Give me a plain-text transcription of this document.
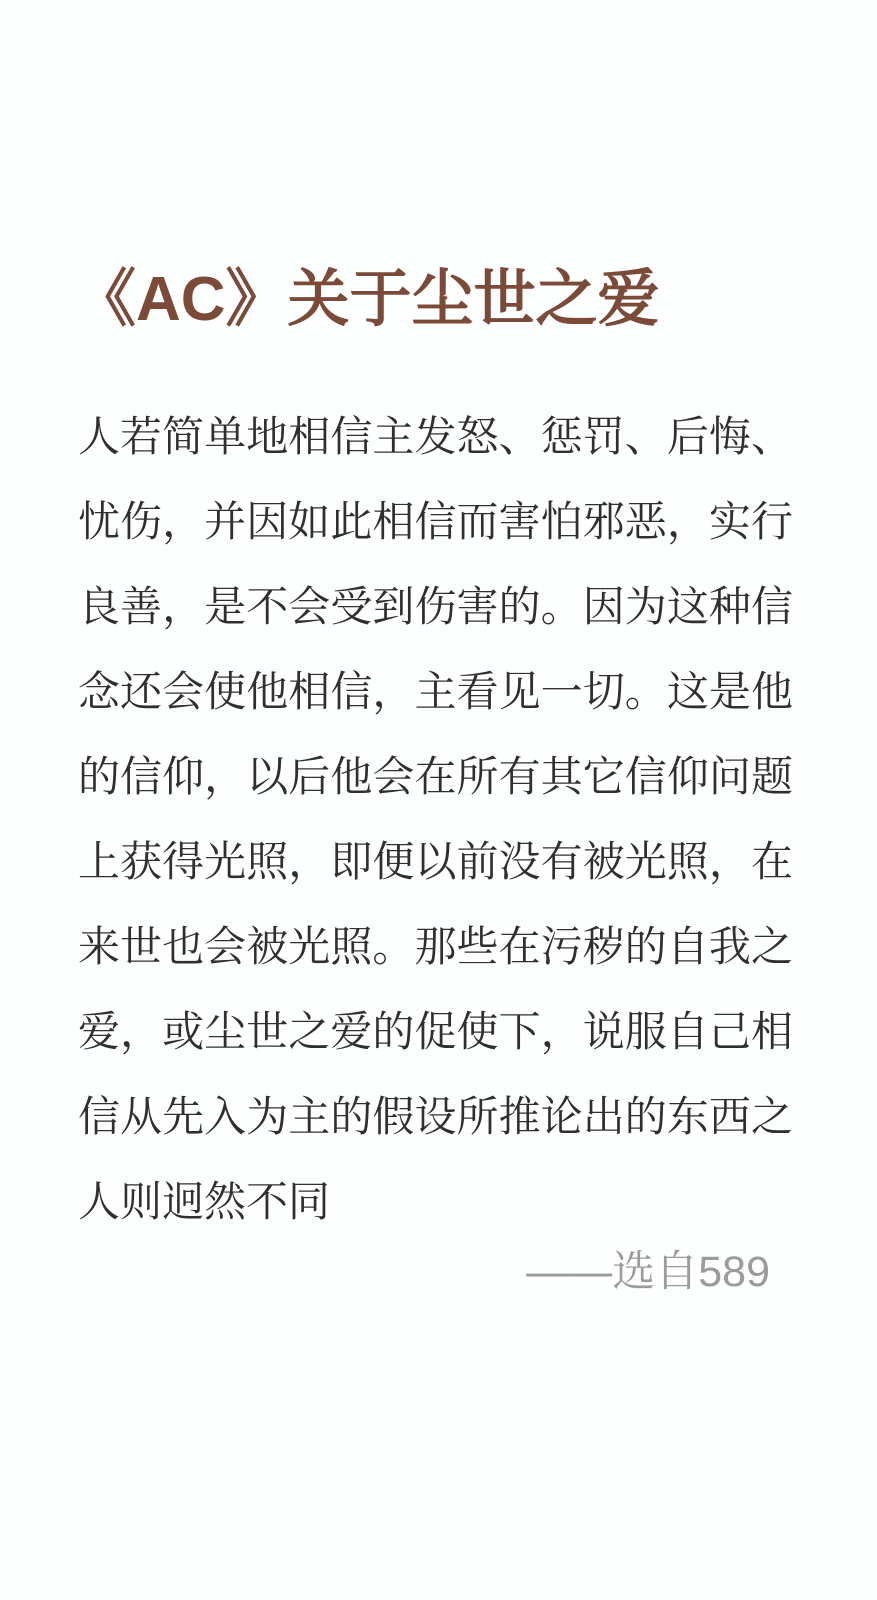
《AC》关于尘世之爱
人若简单地相信主发怒、惩罚、后悔、
忧伤，并因如此相信而害怕邪恶，实行
良善，是不会受到伤害的。因为这种信
念还会使他相信，主看见一切。这是他
的信仰，以后他会在所有其它信仰问题
上获得光照，即便以前没有被光照，在
来世也会被光照。那些在污秽的自我之
爱，或尘世之爱的促使下，说服自己相
信从先入为主的假设所推论出的东西之
人则迥然不同
——选自589
